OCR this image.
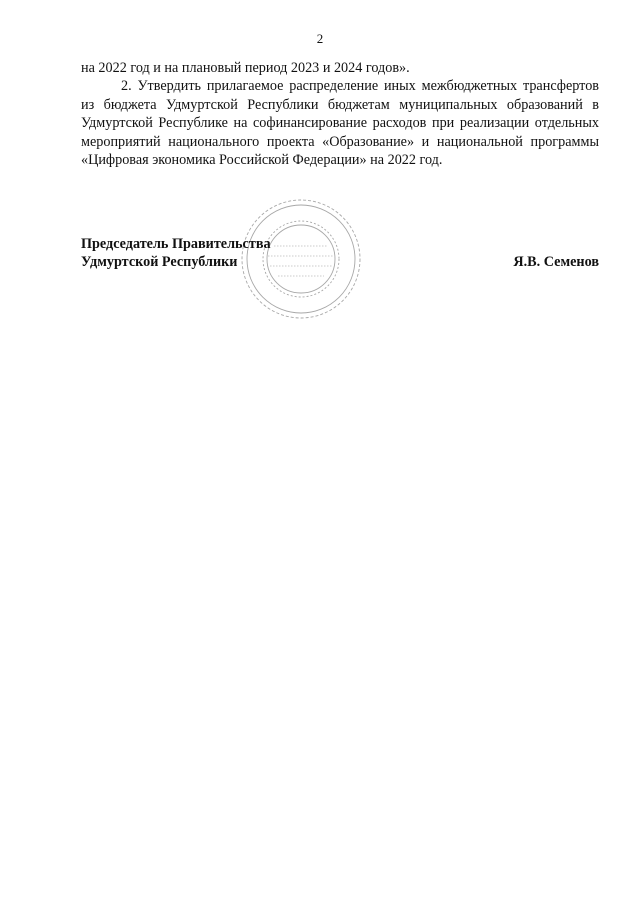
2

на 2022 год и на плановый период 2023 и 2024 годов».

2. Утвердить прилагаемое распределение иных межбюджетных трансфертов из бюджета Удмуртской Республики бюджетам муниципальных образований в Удмуртской Республике на софинансирование расходов при реализации отдельных мероприятий национального проекта «Образование» и национальной программы «Цифровая экономика Российской Федерации» на 2022 год.

Председатель Правительства
Удмуртской Республики	Я.В. Семенов
